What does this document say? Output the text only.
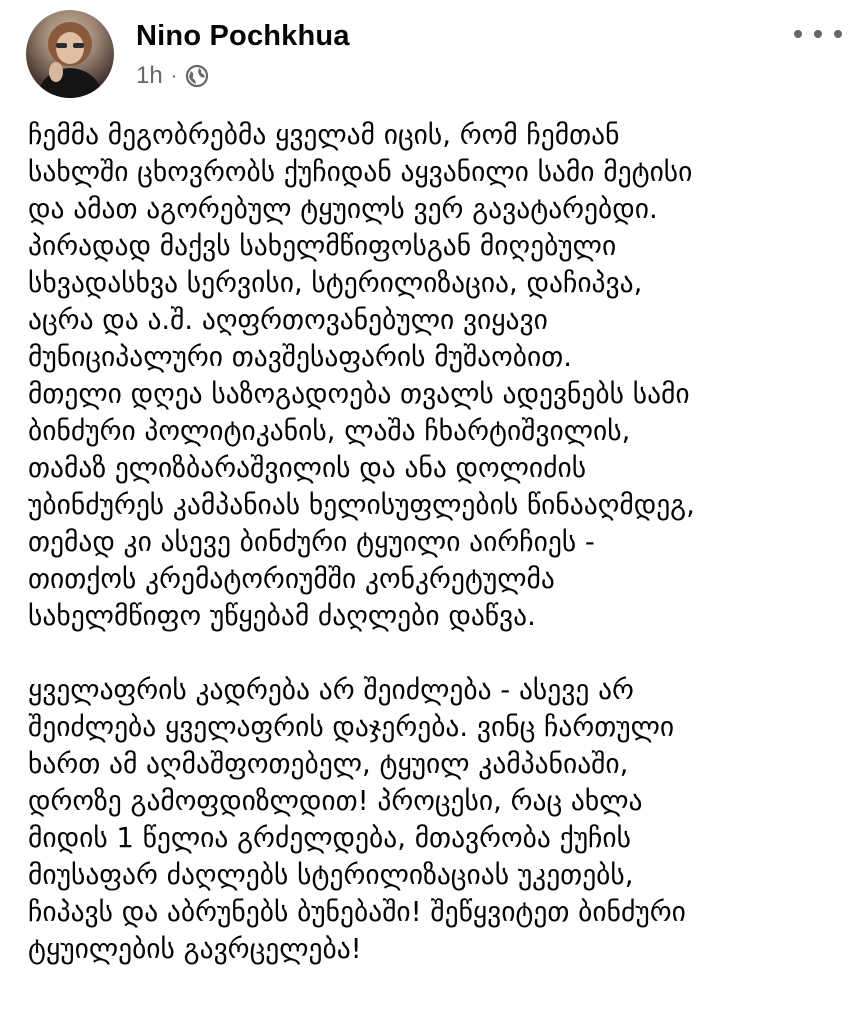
Nino Pochkhua
1h ·

ჩემმა მეგობრებმა ყველამ იცის, რომ ჩემთან
სახლში ცხოვრობს ქუჩიდან აყვანილი სამი მეტისი
და ამათ აგორებულ ტყუილს ვერ გავატარებდი.
პირადად მაქვს სახელმწიფოსგან მიღებული
სხვადასხვა სერვისი, სტერილიზაცია, დაჩიპვა,
აცრა და ა.შ. აღფრთოვანებული ვიყავი
მუნიციპალური თავშესაფარის მუშაობით.
მთელი დღეა საზოგადოება თვალს ადევნებს სამი
ბინძური პოლიტიკანის, ლაშა ჩხარტიშვილის,
თამაზ ელიზბარაშვილის და ანა დოლიძის
უბინძურეს კამპანიას ხელისუფლების წინააღმდეგ,
თემად კი ასევე ბინძური ტყუილი აირჩიეს -
თითქოს კრემატორიუმში კონკრეტულმა
სახელმწიფო უწყებამ ძაღლები დაწვა.

ყველაფრის კადრება არ შეიძლება - ასევე არ
შეიძლება ყველაფრის დაჯერება. ვინც ჩართული
ხართ ამ აღმაშფოთებელ, ტყუილ კამპანიაში,
დროზე გამოფდიზლდით! პროცესი, რაც ახლა
მიდის 1 წელია გრძელდება, მთავრობა ქუჩის
მიუსაფარ ძაღლებს სტერილიზაციას უკეთებს,
ჩიპავს და აბრუნებს ბუნებაში! შეწყვიტეთ ბინძური
ტყუილების გავრცელება!
